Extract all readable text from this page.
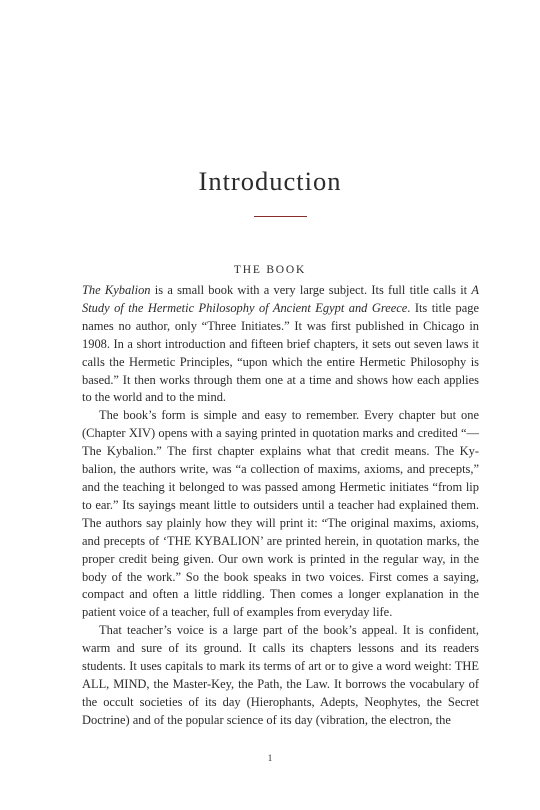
Introduction
THE BOOK

The Kybalion is a small book with a very large subject. Its full title calls it A Study of the Hermetic Philosophy of Ancient Egypt and Greece. Its title page names no author, only “Three Initiates.” It was first published in Chicago in 1908. In a short introduction and fifteen brief chapters, it sets out seven laws it calls the Hermetic Principles, “upon which the entire Hermetic Philosophy is based.” It then works through them one at a time and shows how each applies to the world and to the mind.

The book’s form is simple and easy to remember. Every chapter but one (Chapter XIV) opens with a saying printed in quotation marks and credited “—The Kybalion.” The first chapter explains what that credit means. The Kybalion, the authors write, was “a collection of maxims, axioms, and precepts,” and the teaching it belonged to was passed among Hermetic initiates “from lip to ear.” Its sayings meant little to outsiders until a teacher had explained them. The authors say plainly how they will print it: “The original maxims, axioms, and precepts of ‘THE KYBALION’ are printed herein, in quotation marks, the proper credit being given. Our own work is printed in the regular way, in the body of the work.” So the book speaks in two voices. First comes a saying, compact and often a little riddling. Then comes a longer explanation in the patient voice of a teacher, full of examples from everyday life.

That teacher’s voice is a large part of the book’s appeal. It is confident, warm and sure of its ground. It calls its chapters lessons and its readers students. It uses capitals to mark its terms of art or to give a word weight: THE ALL, MIND, the Master-Key, the Path, the Law. It borrows the vocabulary of the occult societies of its day (Hierophants, Adepts, Neophytes, the Secret Doctrine) and of the popular science of its day (vibration, the electron, the

1
